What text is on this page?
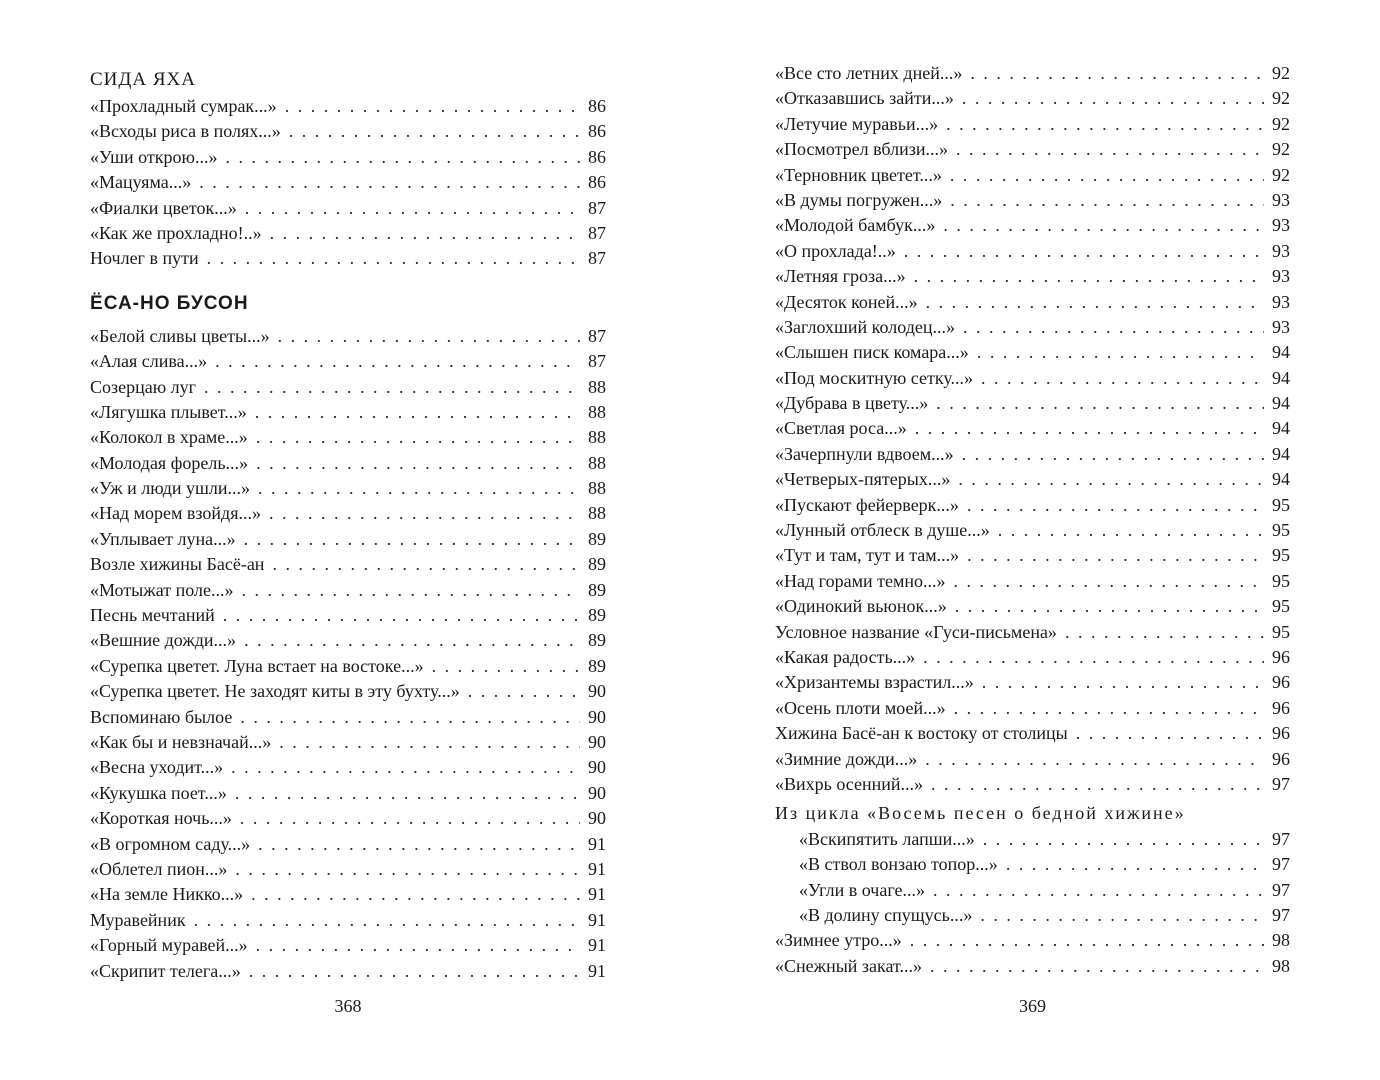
СИДА ЯХА
«Прохладный сумрак...» . . .	86
«Всходы риса в полях...» . . .	86
«Уши открою...» . . .	86
«Мацуяма...» . . .	86
«Фиалки цветок...» . . .	87
«Как же прохладно!..» . . .	87
Ночлег в пути . . .	87
ЁСА-НО БУСОН
«Белой сливы цветы...» . . .	87
«Алая слива...» . . .	87
Созерцаю луг . . .	88
«Лягушка плывет...» . . .	88
«Колокол в храме...» . . .	88
«Молодая форель...» . . .	88
«Уж и люди ушли...» . . .	88
«Над морем взойдя...» . . .	88
«Уплывает луна...» . . .	89
Возле хижины Басё-ан . . .	89
«Мотыжат поле...» . . .	89
Песнь мечтаний . . .	89
«Вешние дожди...» . . .	89
«Сурепка цветет. Луна встает на востоке...» . . .	89
«Сурепка цветет. Не заходят киты в эту бухту...» . . .	90
Вспоминаю былое . . .	90
«Как бы и невзначай...» . . .	90
«Весна уходит...» . . .	90
«Кукушка поет...» . . .	90
«Короткая ночь...» . . .	90
«В огромном саду...» . . .	91
«Облетел пион...» . . .	91
«На земле Никко...» . . .	91
Муравейник . . .	91
«Горный муравей...» . . .	91
«Скрипит телега...» . . .	91
368
«Все сто летних дней...» . . .	92
«Отказавшись зайти...» . . .	92
«Летучие муравьи...» . . .	92
«Посмотрел вблизи...» . . .	92
«Терновник цветет...» . . .	92
«В думы погружен...» . . .	93
«Молодой бамбук...» . . .	93
«О прохлада!..» . . .	93
«Летняя гроза...» . . .	93
«Десяток коней...» . . .	93
«Заглохший колодец...» . . .	93
«Слышен писк комара...» . . .	94
«Под москитную сетку...» . . .	94
«Дубрава в цвету...» . . .	94
«Светлая роса...» . . .	94
«Зачерпнули вдвоем...» . . .	94
«Четверых-пятерых...» . . .	94
«Пускают фейерверк...» . . .	95
«Лунный отблеск в душе...» . . .	95
«Тут и там, тут и там...» . . .	95
«Над горами темно...» . . .	95
«Одинокий вьюнок...» . . .	95
Условное название «Гуси-письмена» . . .	95
«Какая радость...» . . .	96
«Хризантемы взрастил...» . . .	96
«Осень плоти моей...» . . .	96
Хижина Басё-ан к востоку от столицы . . .	96
«Зимние дожди...» . . .	96
«Вихрь осенний...» . . .	97
Из цикла «Восемь песен о бедной хижине»
«Вскипятить лапши...» . . .	97
«В ствол вонзаю топор...» . . .	97
«Угли в очаге...» . . .	97
«В долину спущусь...» . . .	97
«Зимнее утро...» . . .	98
«Снежный закат...» . . .	98
369
